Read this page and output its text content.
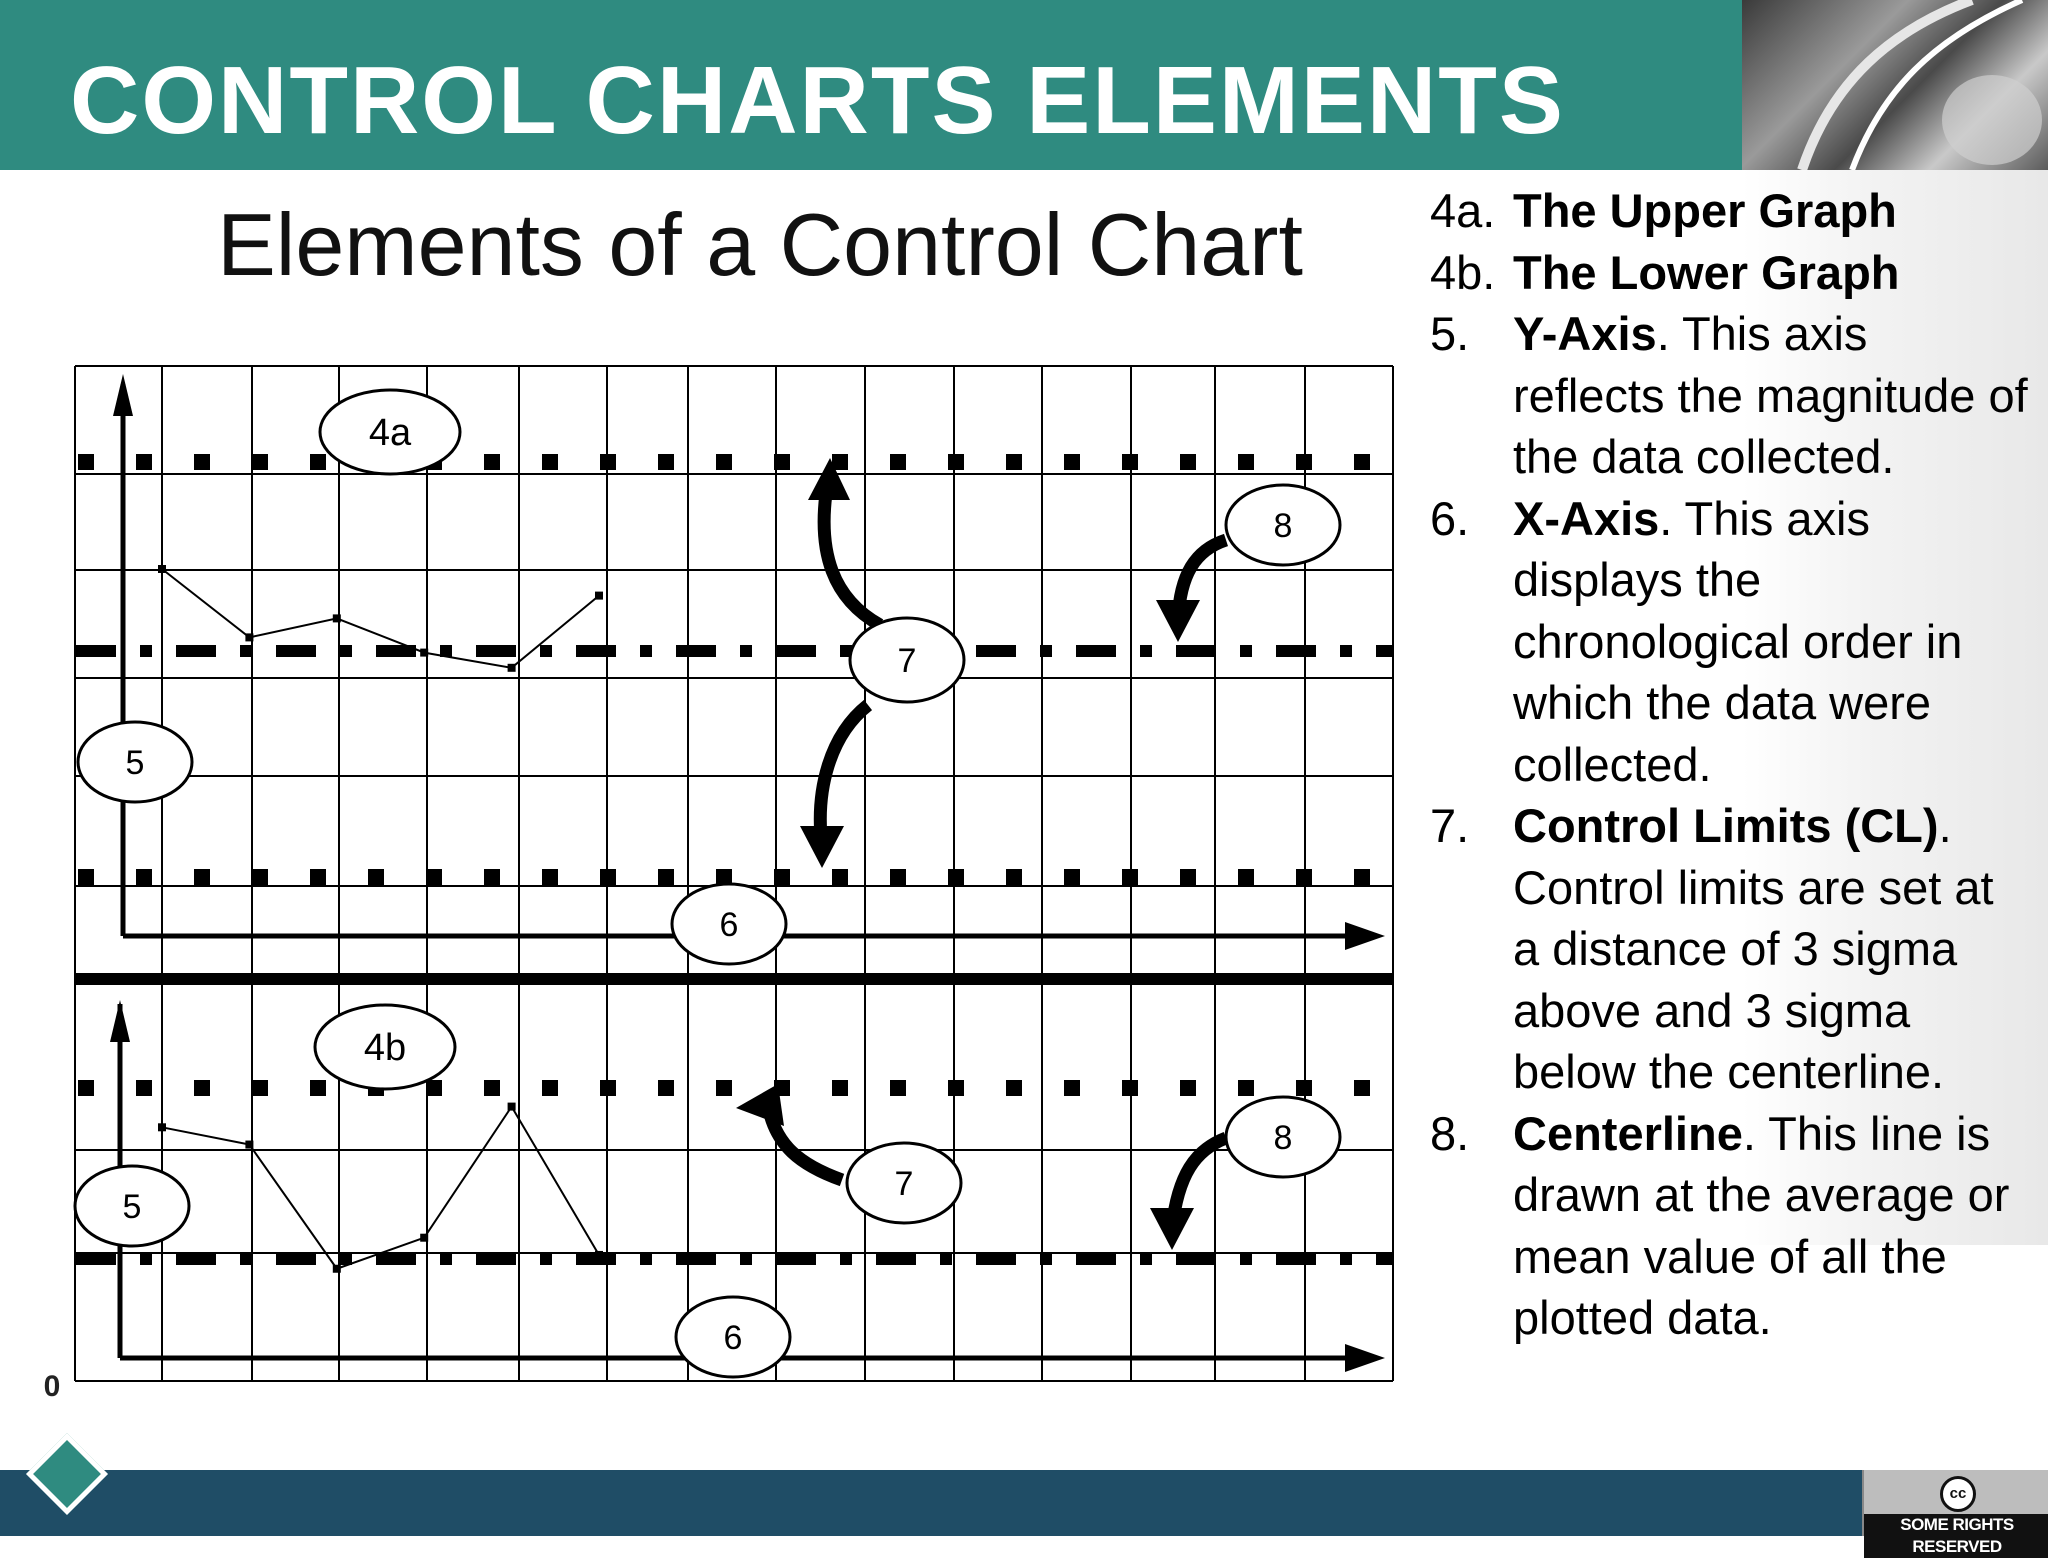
CONTROL CHARTS ELEMENTS
Elements of a Control Chart
4a
8
7
5
6
4b
8
7
5
6
0
4a. The Upper Graph
4b. The Lower Graph
5. Y-Axis. This axis reflects the magnitude of the data collected.
6. X-Axis. This axis displays the chronological order in which the data were collected.
7. Control Limits (CL). Control limits are set at a distance of 3 sigma above and 3 sigma below the centerline.
8. Centerline. This line is drawn at the average or mean value of all the plotted data.
cc
SOME RIGHTS RESERVED
